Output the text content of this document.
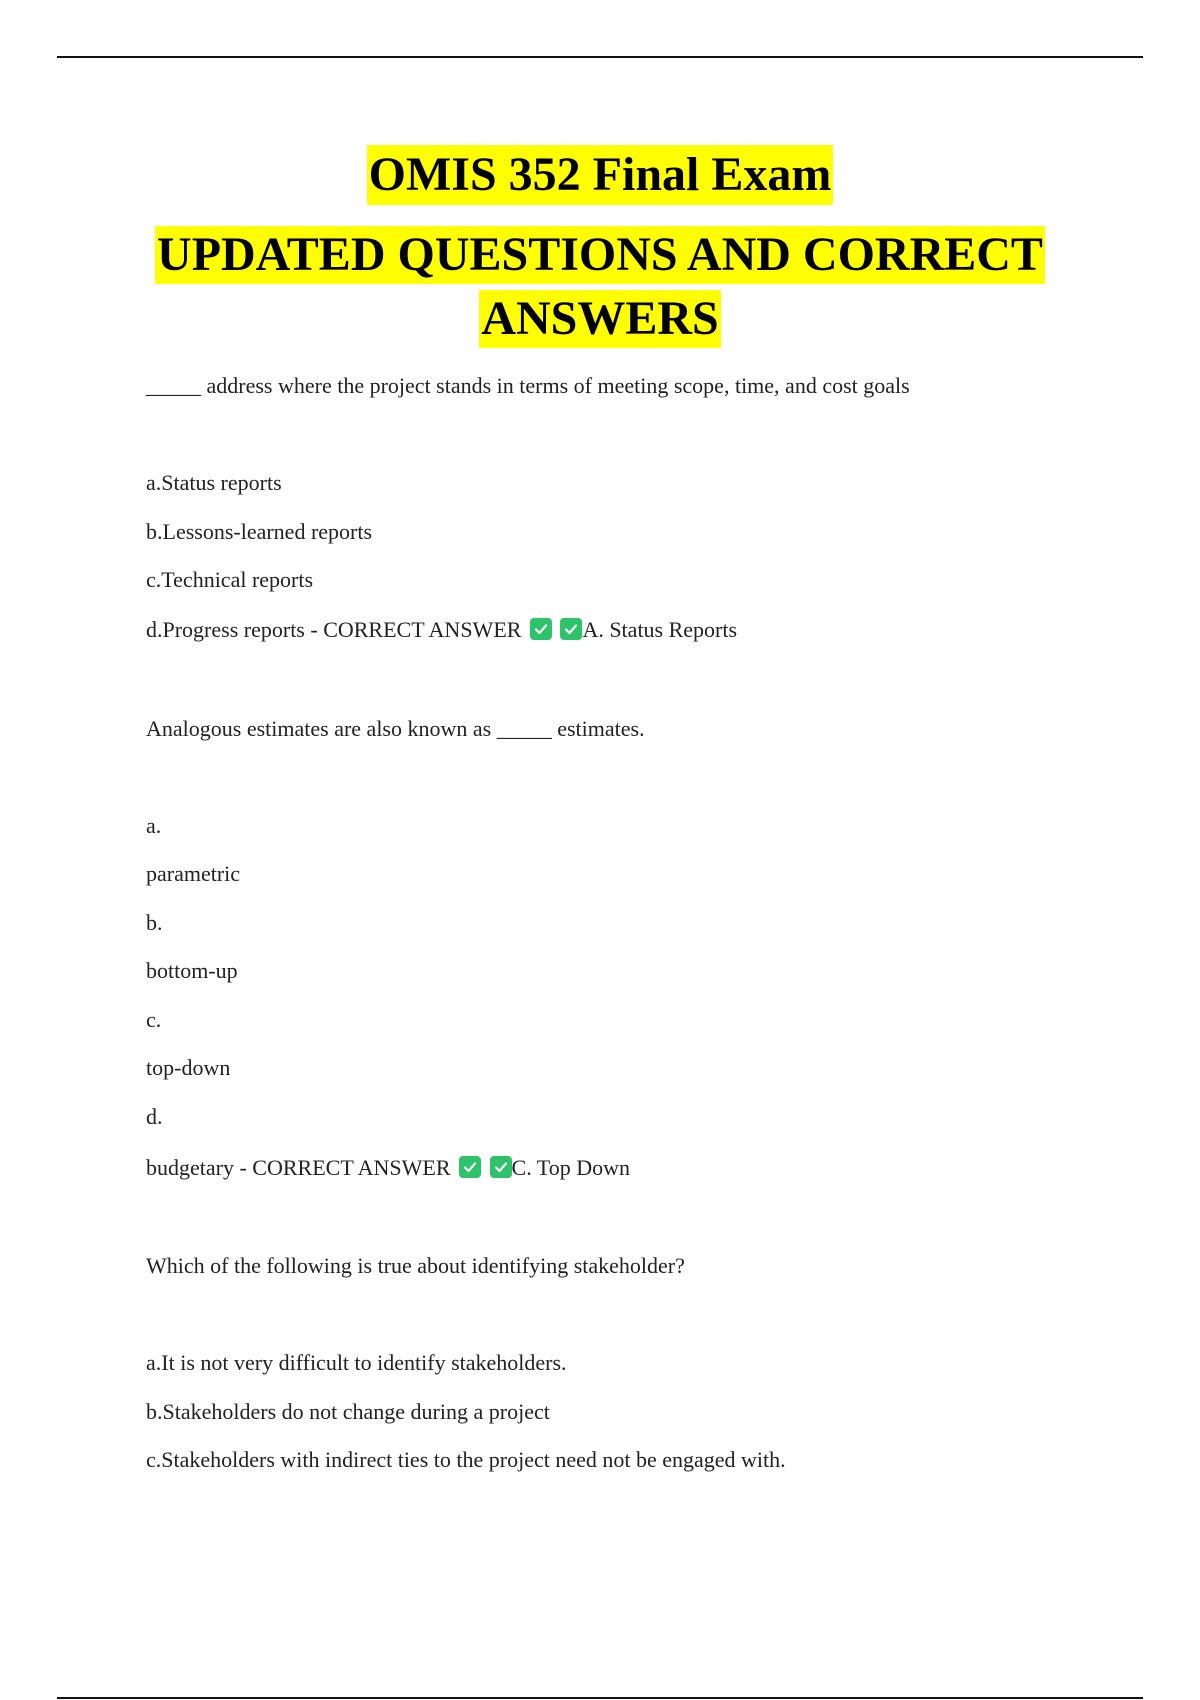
OMIS 352 Final Exam
UPDATED QUESTIONS AND CORRECT
ANSWERS
_____ address where the project stands in terms of meeting scope, time, and cost goals
a.Status reports
b.Lessons-learned reports
c.Technical reports
d.Progress reports - CORRECT ANSWER
	A. Status Reports
Analogous estimates are also known as _____ estimates.
a.
parametric
b.
bottom-up
c.
top-down
d.
budgetary - CORRECT ANSWER
	C. Top Down
Which of the following is true about identifying stakeholder?
a.It is not very difficult to identify stakeholders.
b.Stakeholders do not change during a project
c.Stakeholders with indirect ties to the project need not be engaged with.
